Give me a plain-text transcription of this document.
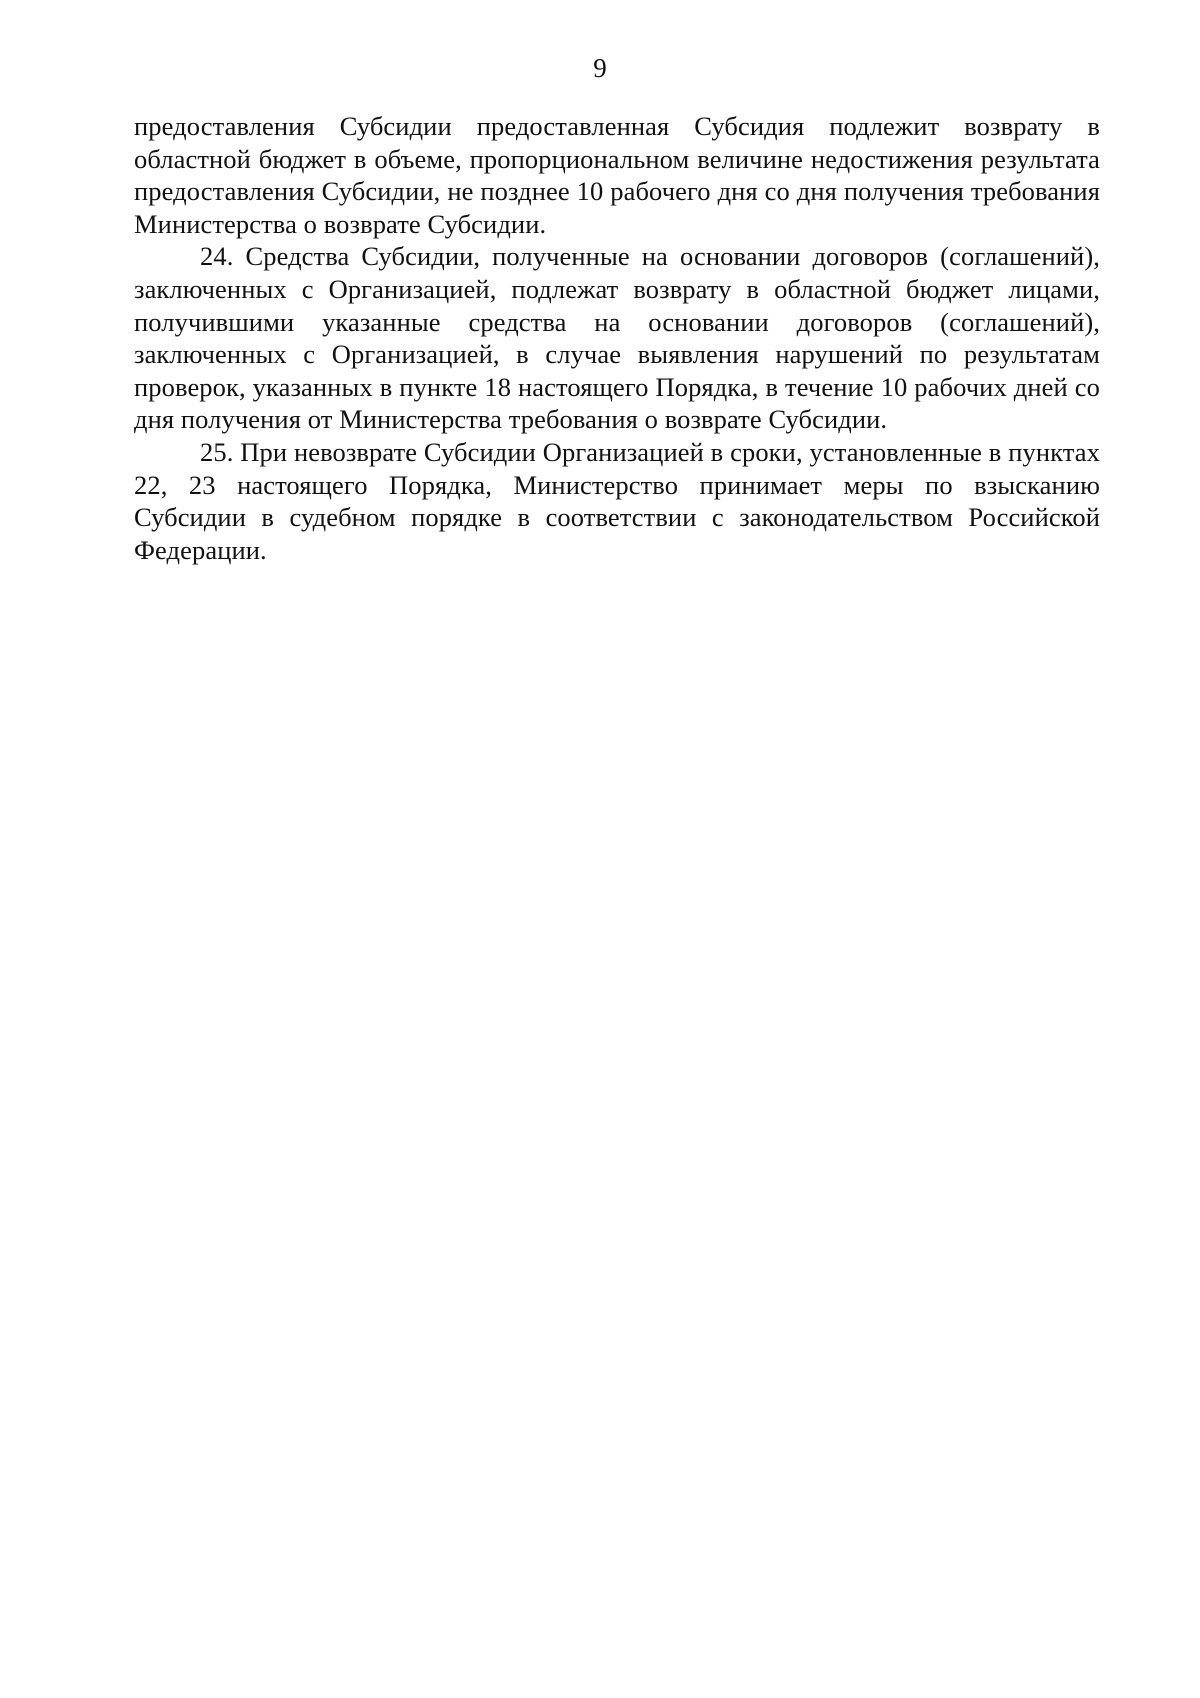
9

предоставления Субсидии предоставленная Субсидия подлежит возврату в областной бюджет в объеме, пропорциональном величине недостижения результата предоставления Субсидии, не позднее 10 рабочего дня со дня получения требования Министерства о возврате Субсидии.

24. Средства Субсидии, полученные на основании договоров (соглашений), заключенных с Организацией, подлежат возврату в областной бюджет лицами, получившими указанные средства на основании договоров (соглашений), заключенных с Организацией, в случае выявления нарушений по результатам проверок, указанных в пункте 18 настоящего Порядка, в течение 10 рабочих дней со дня получения от Министерства требования о возврате Субсидии.

25. При невозврате Субсидии Организацией в сроки, установленные в пунктах 22, 23 настоящего Порядка, Министерство принимает меры по взысканию Субсидии в судебном порядке в соответствии с законодательством Российской Федерации.
